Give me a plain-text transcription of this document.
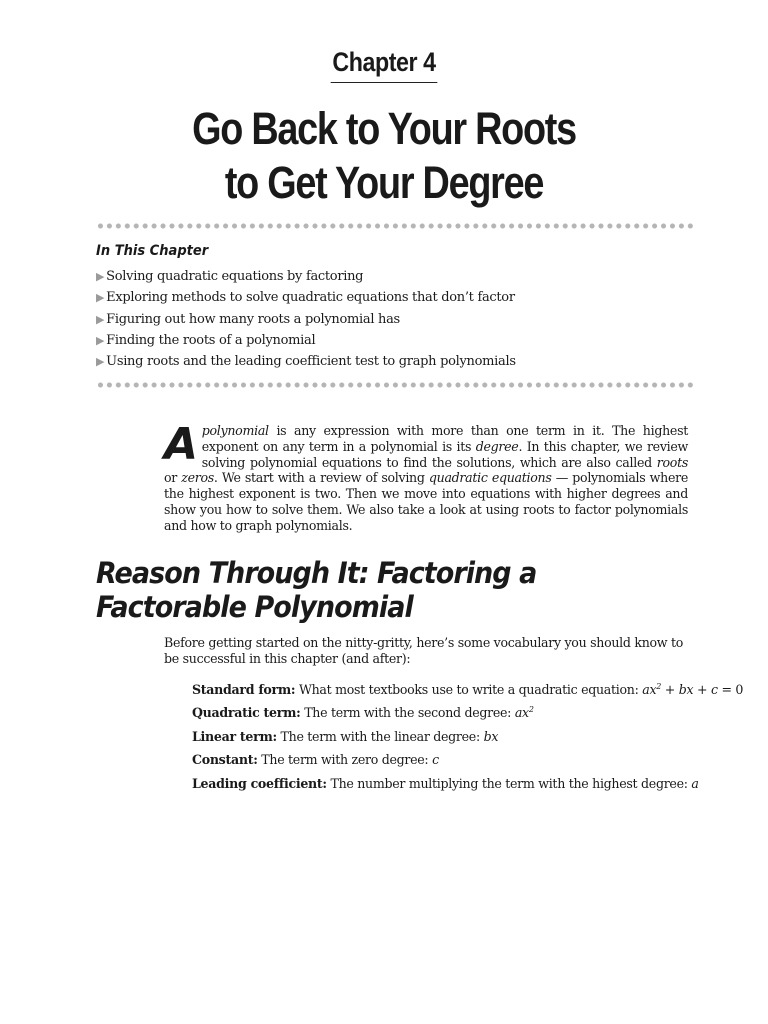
Chapter 4
Go Back to Your Roots
to Get Your Degree
In This Chapter
▶ Solving quadratic equations by factoring
▶ Exploring methods to solve quadratic equations that don’t factor
▶ Figuring out how many roots a polynomial has
▶ Finding the roots of a polynomial
▶ Using roots and the leading coefficient test to graph polynomials
A polynomial is any expression with more than one term in it. The highest exponent on any term in a polynomial is its degree. In this chapter, we review solving polynomial equations to find the solutions, which are also called roots or zeros. We start with a review of solving quadratic equations — polynomials where the highest exponent is two. Then we move into equations with higher degrees and show you how to solve them. We also take a look at using roots to factor polynomials and how to graph polynomials.
Reason Through It: Factoring a
Factorable Polynomial
Before getting started on the nitty-gritty, here’s some vocabulary you should know to be successful in this chapter (and after):
Standard form: What most textbooks use to write a quadratic equation: $ax^2$ + bx + c = 0
Quadratic term: The term with the second degree: $ax^2$
Linear term: The term with the linear degree: bx
Constant: The term with zero degree: c
Leading coefficient: The number multiplying the term with the highest degree: a
